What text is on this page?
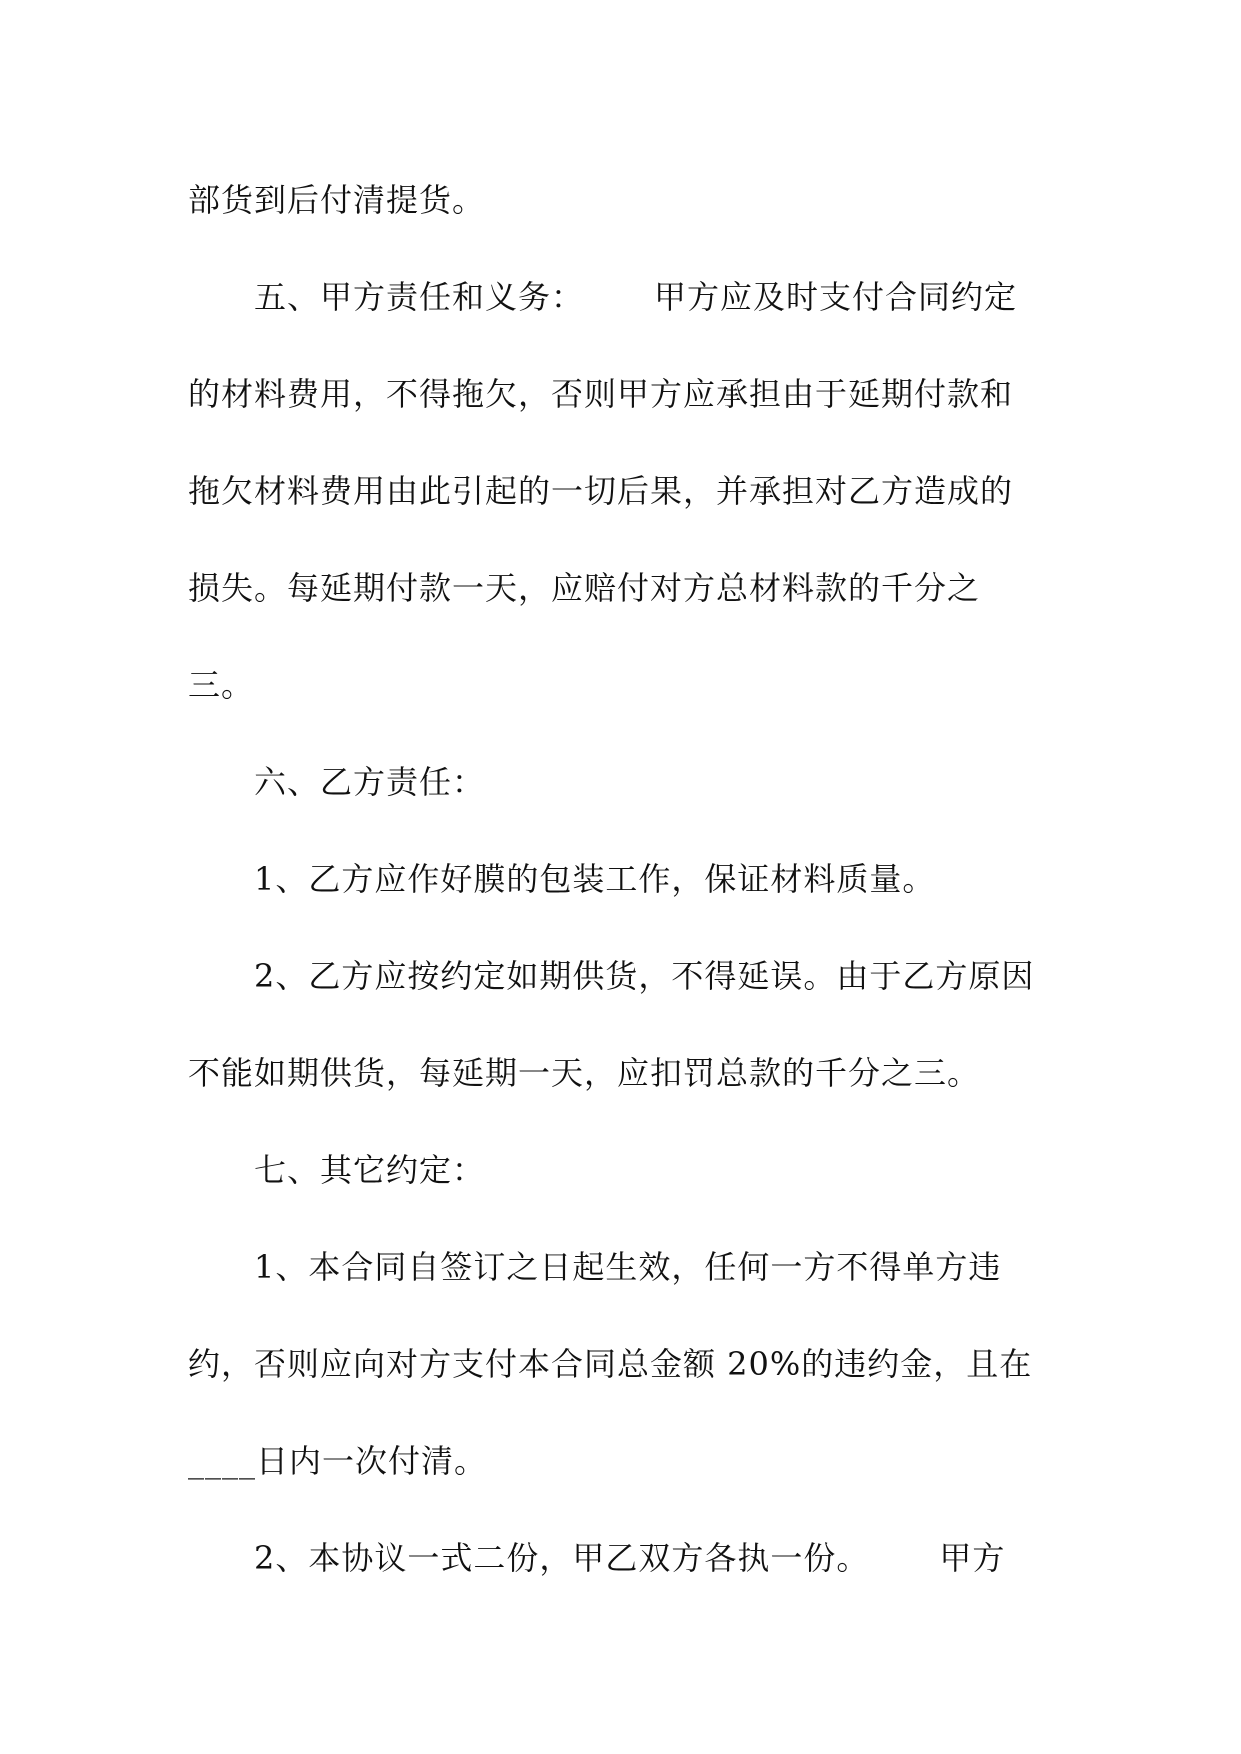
部货到后付清提货。
五、甲方责任和义务： 甲方应及时支付合同约定
的材料费用，不得拖欠，否则甲方应承担由于延期付款和
拖欠材料费用由此引起的一切后果，并承担对乙方造成的
损失。每延期付款一天，应赔付对方总材料款的千分之
三。
六、乙方责任：
1、乙方应作好膜的包装工作，保证材料质量。
2、乙方应按约定如期供货，不得延误。由于乙方原因
不能如期供货，每延期一天，应扣罚总款的千分之三。
七、其它约定：
1、本合同自签订之日起生效，任何一方不得单方违
约，否则应向对方支付本合同总金额 20%的违约金，且在
____日内一次付清。
2、本协议一式二份，甲乙双方各执一份。 甲方
